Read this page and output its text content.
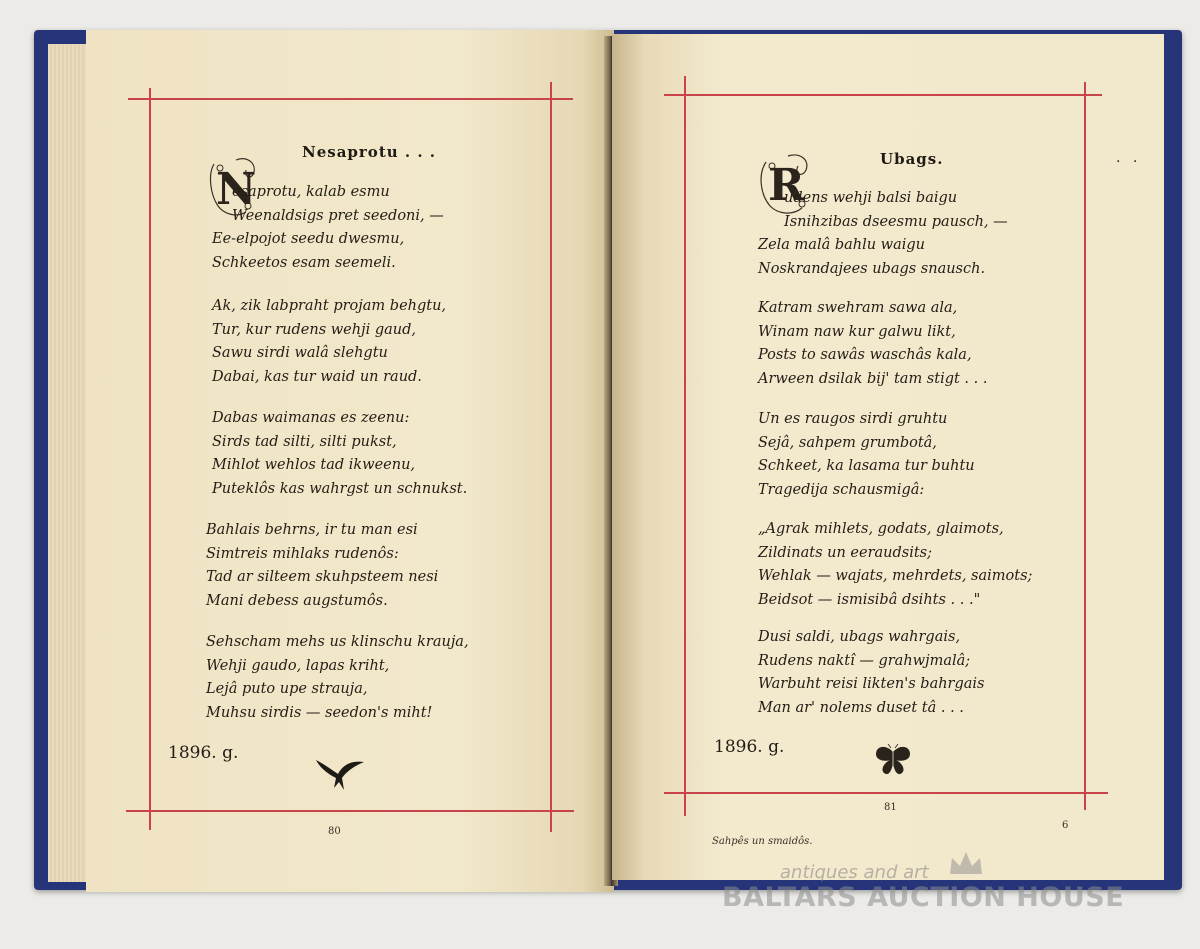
Nesaprotu . . .
N
esaprotu, kalab esmu
Weenaldsigs pret seedoni, —
Ee-elpojot seedu dwesmu,
Schkeetos esam seemeli.
Ak, zik labpraht projam behgtu,
Tur, kur rudens wehji gaud,
Sawu sirdi walâ slehgtu
Dabai, kas tur waid un raud.
Dabas waimanas es zeenu:
Sirds tad silti, silti pukst,
Mihlot wehlos tad ikweenu,
Puteklôs kas wahrgst un schnukst.
Bahlais behrns, ir tu man esi
Simtreis mihlaks rudenôs:
Tad ar silteem skuhpsteem nesi
Mani debess augstumôs.
Sehscham mehs us klinschu krauja,
Wehji gaudo, lapas kriht,
Lejâ puto upe strauja,
Muhsu sirdis — seedon's miht!
1896. g.
80
Ubags.	. .
R
udens wehji balsi baigu
Isnihzibas dseesmu pausch, —
Zela malâ bahlu waigu
Noskrandajees ubags snausch.
Katram swehram sawa ala,
Winam naw kur galwu likt,
Posts to sawâs waschâs kala,
Arween dsilak bij' tam stigt . . .
Un es raugos sirdi gruhtu
Sejâ, sahpem grumbotâ,
Schkeet, ka lasama tur buhtu
Tragedija schausmigâ:
„Agrak mihlets, godats, glaimots,
Zildinats un eeraudsits;
Wehlak — wajats, mehrdets, saimots;
Beidsot — ismisibâ dsihts . . ."
Dusi saldi, ubags wahrgais,
Rudens naktî — grahwjmalâ;
Warbuht reisi likten's bahrgais
Man ar' nolems duset tâ . . .
1896. g.
81
Sahpês un smaidôs.
6
antiques and art
BALTARS AUCTION HOUSE
